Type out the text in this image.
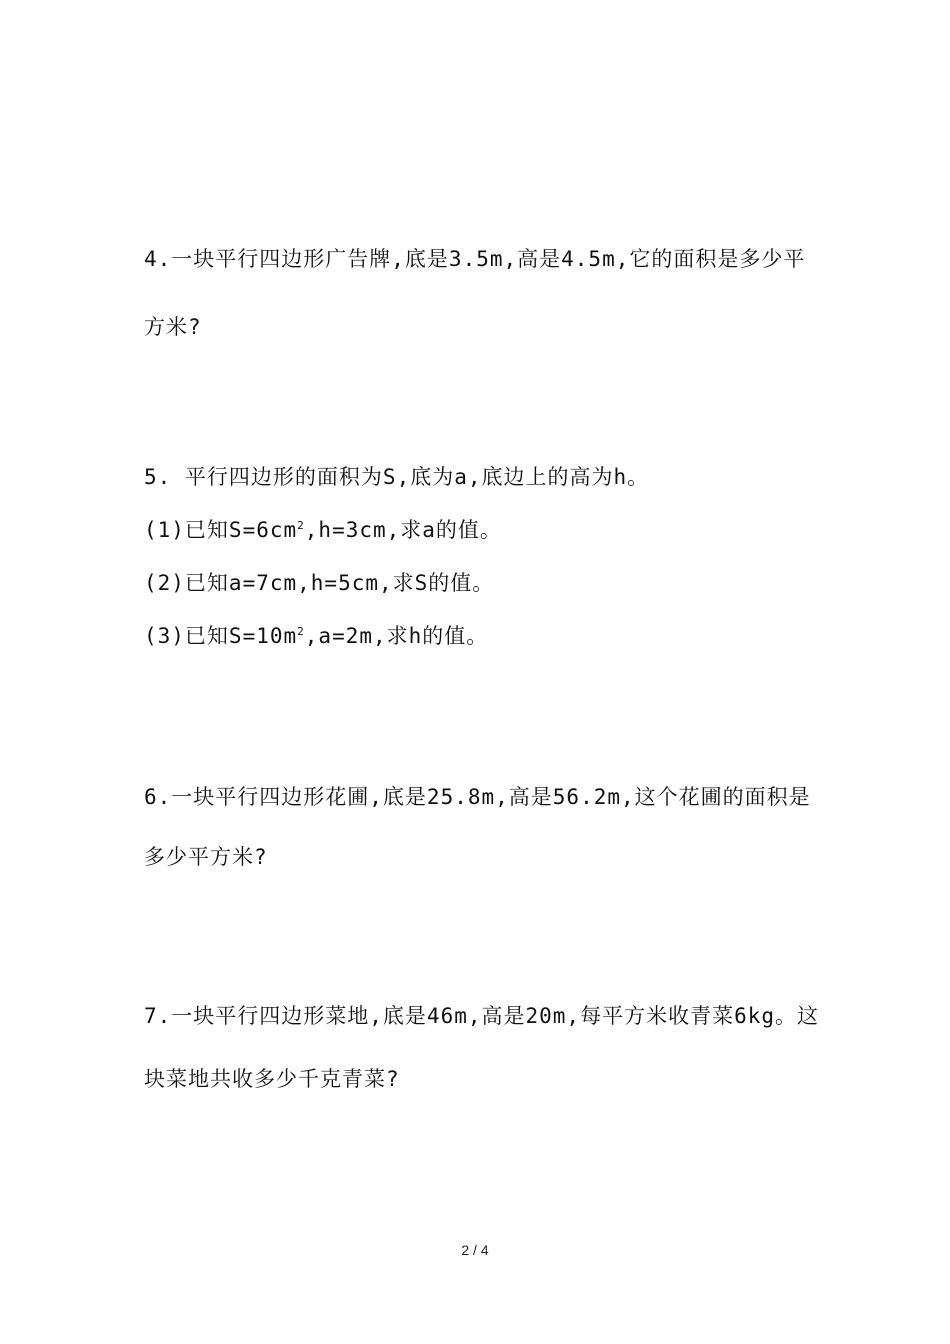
4.一块平行四边形广告牌,底是3.5m,高是4.5m,它的面积是多少平
方米?
5. 平行四边形的面积为S,底为a,底边上的高为h。
(1)已知$S=6cm^2,h=3cm$,求a的值。
(2)已知a=7cm,h=5cm,求S的值。
(3)已知$S=10m^2,a=2m$,求h的值。
6.一块平行四边形花圃,底是25.8m,高是56.2m,这个花圃的面积是
多少平方米?
7.一块平行四边形菜地,底是46m,高是20m,每平方米收青菜6kg。这
块菜地共收多少千克青菜?
2 / 4
